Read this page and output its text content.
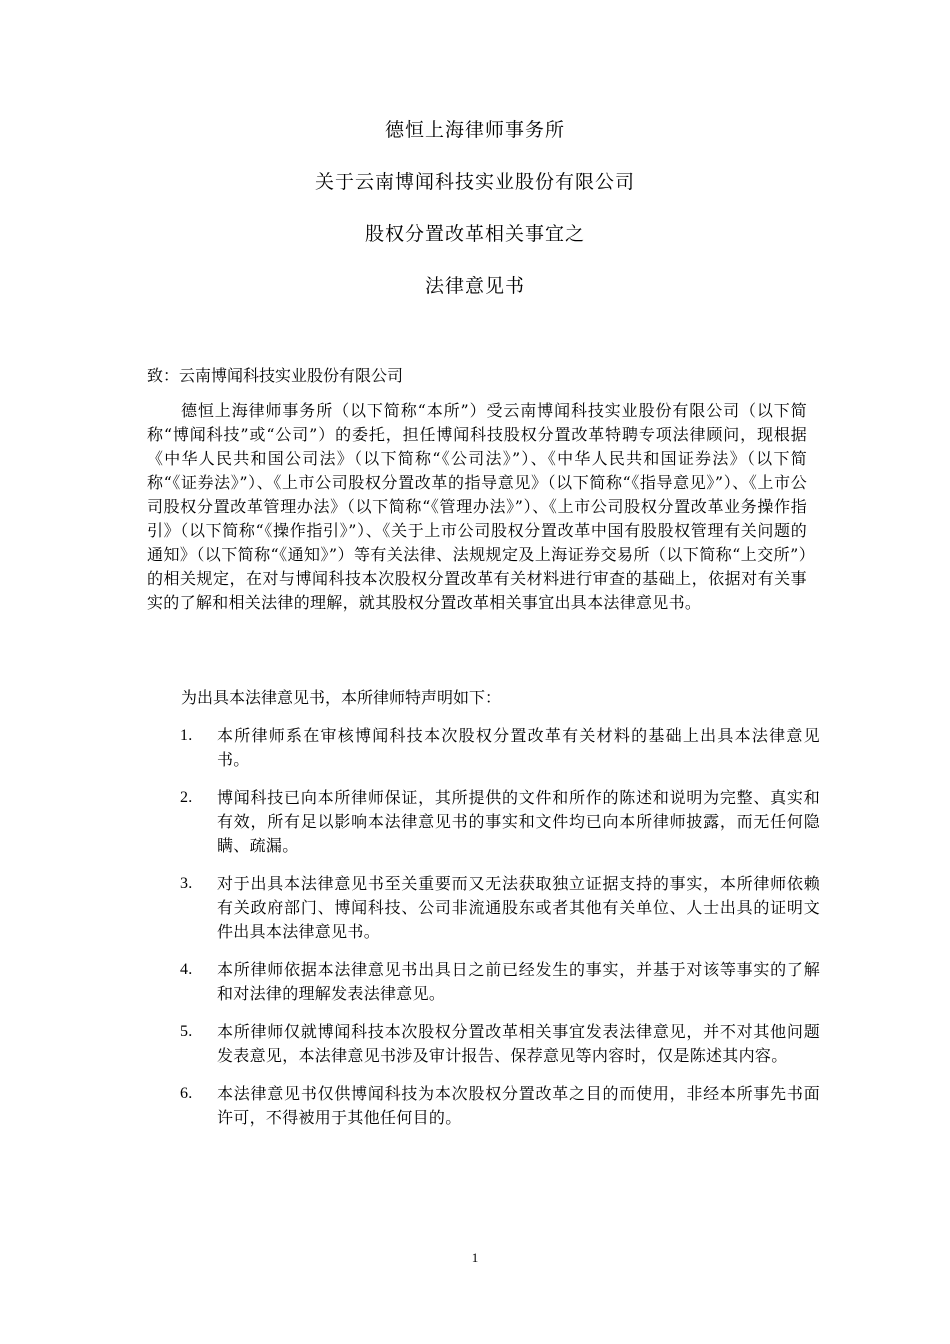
德恒上海律师事务所

关于云南博闻科技实业股份有限公司

股权分置改革相关事宜之

法律意见书

致：云南博闻科技实业股份有限公司

德恒上海律师事务所（以下简称“本所”）受云南博闻科技实业股份有限公司（以下简称“博闻科技”或“公司”）的委托，担任博闻科技股权分置改革特聘专项法律顾问，现根据《中华人民共和国公司法》（以下简称“《公司法》”）、《中华人民共和国证券法》（以下简称“《证券法》”）、《上市公司股权分置改革的指导意见》（以下简称“《指导意见》”）、《上市公司股权分置改革管理办法》（以下简称“《管理办法》”）、《上市公司股权分置改革业务操作指引》（以下简称“《操作指引》”）、《关于上市公司股权分置改革中国有股股权管理有关问题的通知》（以下简称“《通知》”）等有关法律、法规规定及上海证券交易所（以下简称“上交所”）的相关规定，在对与博闻科技本次股权分置改革有关材料进行审查的基础上，依据对有关事实的了解和相关法律的理解，就其股权分置改革相关事宜出具本法律意见书。

为出具本法律意见书，本所律师特声明如下：
1. 本所律师系在审核博闻科技本次股权分置改革有关材料的基础上出具本法律意见书。
2. 博闻科技已向本所律师保证，其所提供的文件和所作的陈述和说明为完整、真实和有效，所有足以影响本法律意见书的事实和文件均已向本所律师披露，而无任何隐瞒、疏漏。
3. 对于出具本法律意见书至关重要而又无法获取独立证据支持的事实，本所律师依赖有关政府部门、博闻科技、公司非流通股东或者其他有关单位、人士出具的证明文件出具本法律意见书。
4. 本所律师依据本法律意见书出具日之前已经发生的事实，并基于对该等事实的了解和对法律的理解发表法律意见。
5. 本所律师仅就博闻科技本次股权分置改革相关事宜发表法律意见，并不对其他问题发表意见，本法律意见书涉及审计报告、保荐意见等内容时，仅是陈述其内容。
6. 本法律意见书仅供博闻科技为本次股权分置改革之目的而使用，非经本所事先书面许可，不得被用于其他任何目的。
1
